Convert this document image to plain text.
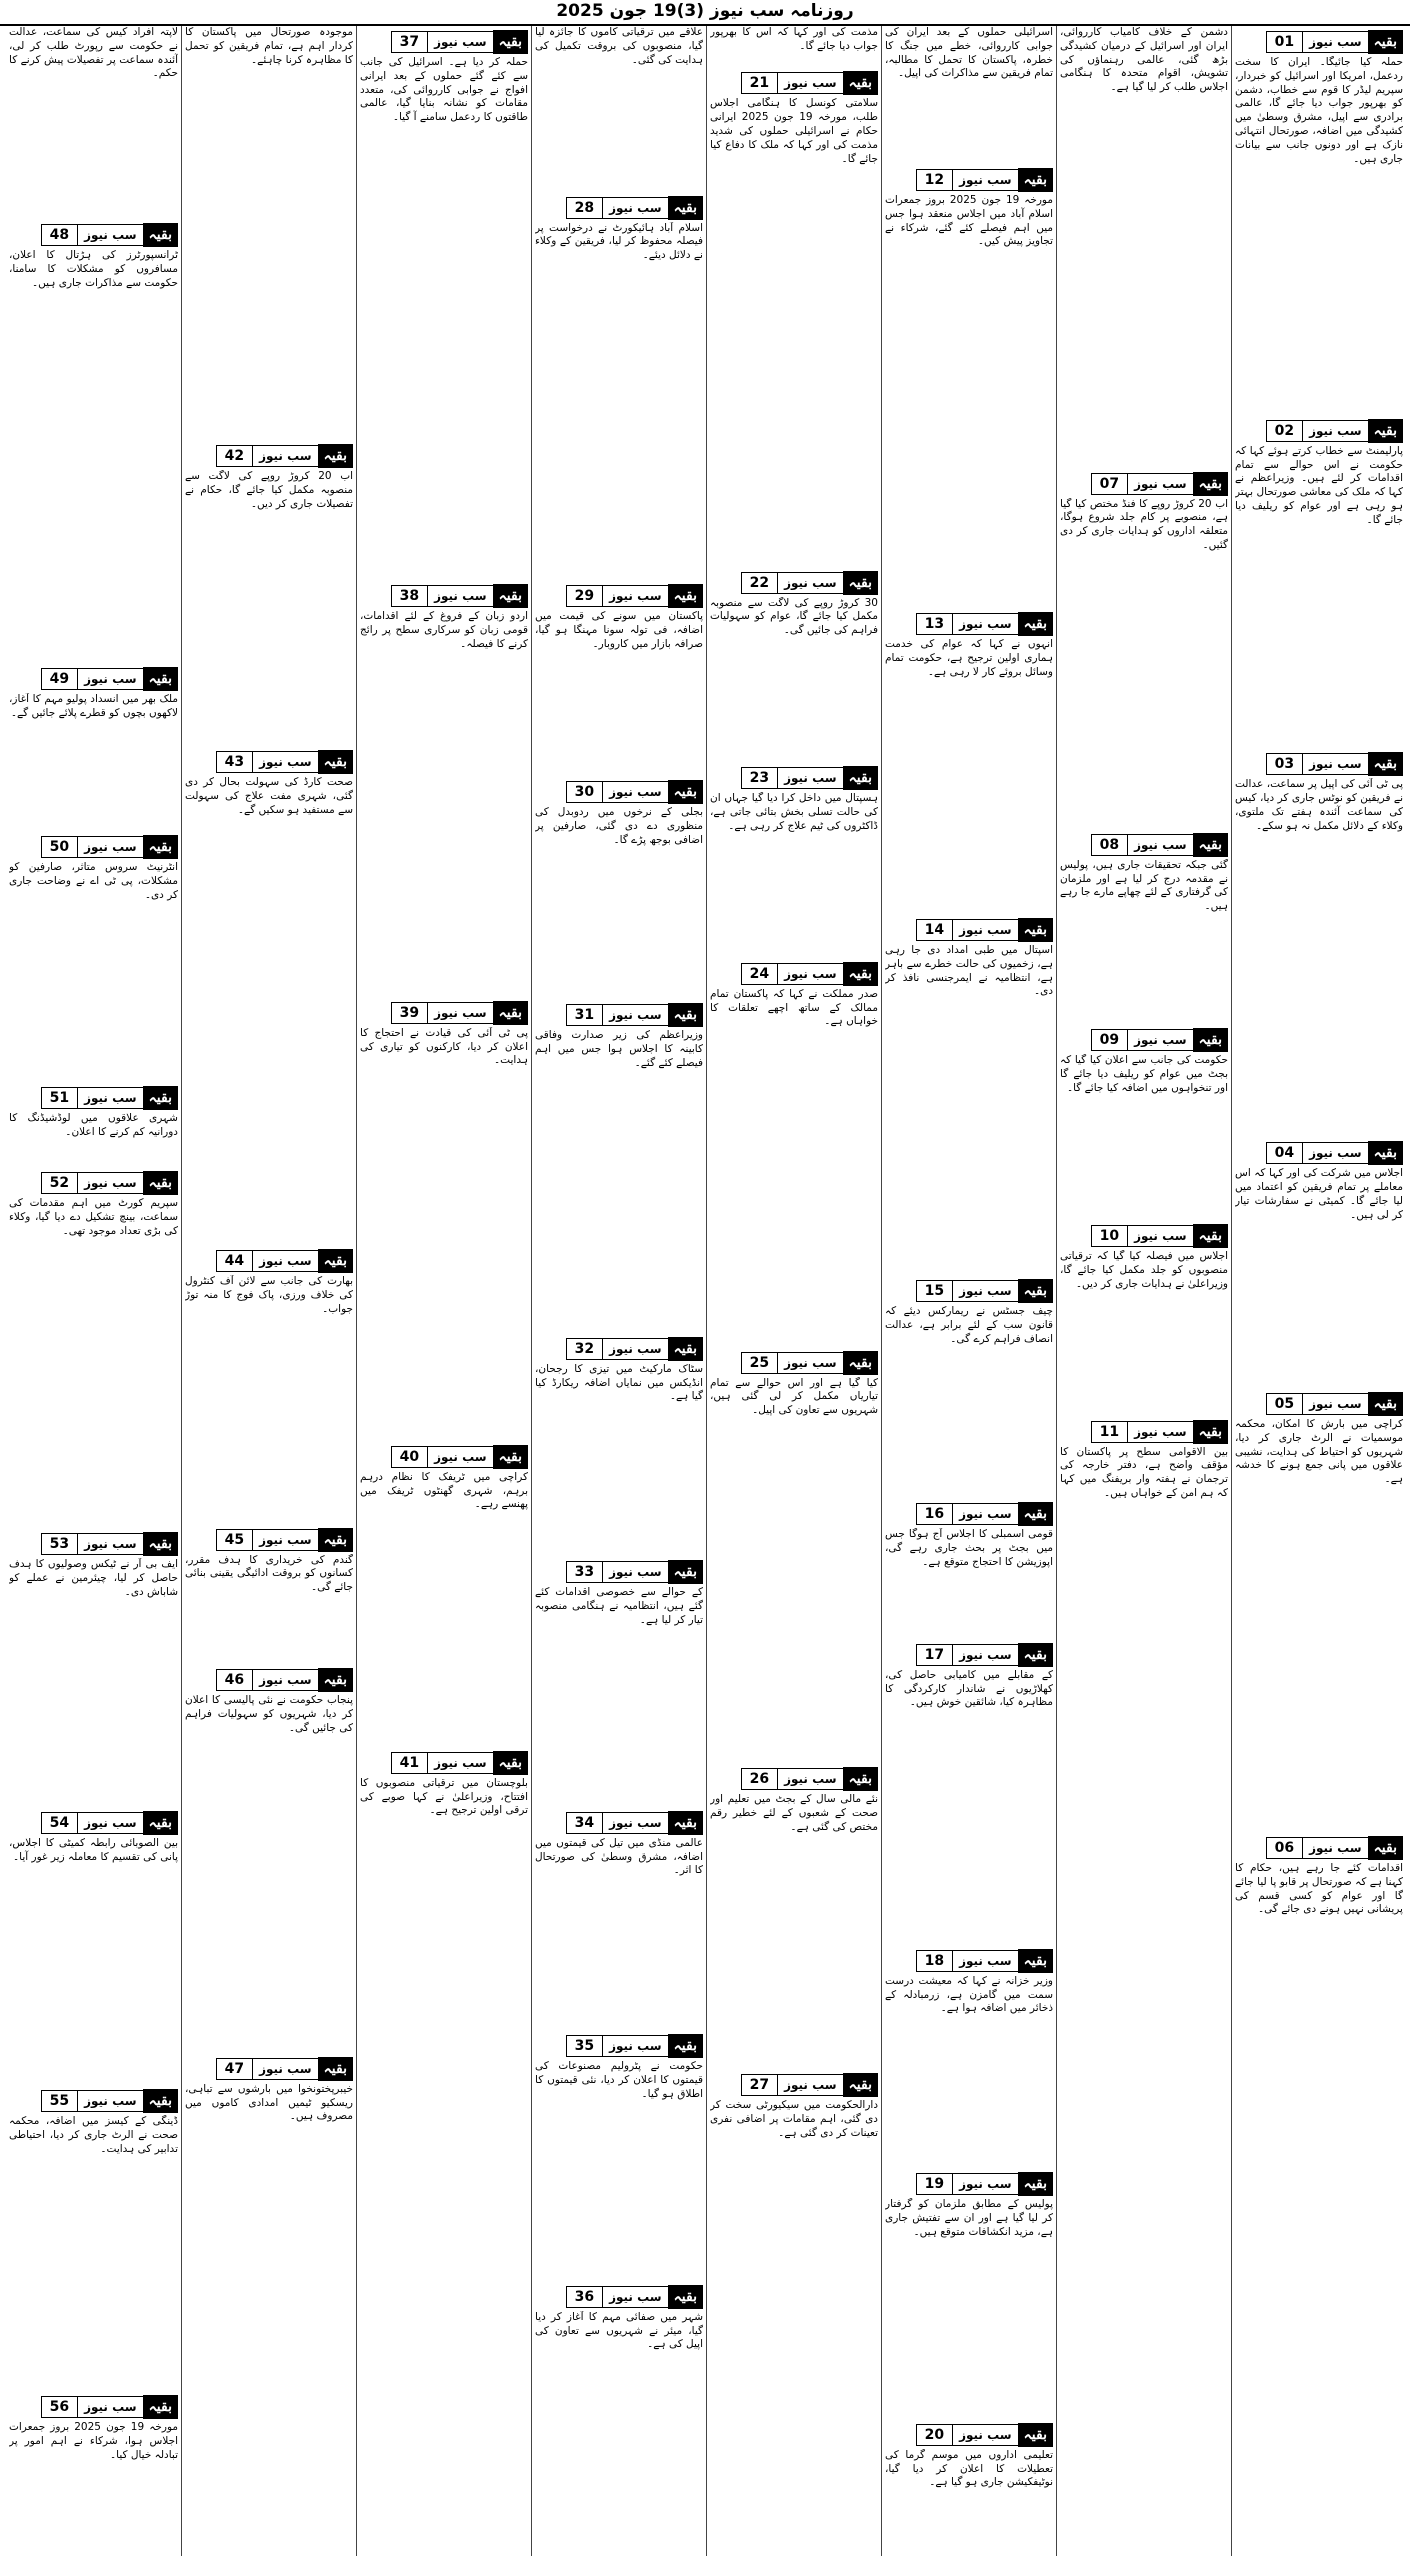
روزنامہ سب نیوز (3)19 جون 2025
بقیہ
سب نیوز
01

حملہ کیا جائیگا۔ ایران کا سخت ردعمل، امریکا اور اسرائیل کو خبردار، سپریم لیڈر کا قوم سے خطاب، دشمن کو بھرپور جواب دیا جائے گا، عالمی برادری سے اپیل، مشرق وسطیٰ میں کشیدگی میں اضافہ، صورتحال انتہائی نازک ہے اور دونوں جانب سے بیانات جاری ہیں۔

بقیہ
سب نیوز
02

پارلیمنٹ سے خطاب کرتے ہوئے کہا کہ حکومت نے اس حوالے سے تمام اقدامات کر لئے ہیں۔ وزیراعظم نے کہا کہ ملک کی معاشی صورتحال بہتر ہو رہی ہے اور عوام کو ریلیف دیا جائے گا۔

بقیہ
سب نیوز
03

پی ٹی آئی کی اپیل پر سماعت، عدالت نے فریقین کو نوٹس جاری کر دیا، کیس کی سماعت آئندہ ہفتے تک ملتوی، وکلاء کے دلائل مکمل نہ ہو سکے۔

بقیہ
سب نیوز
04

اجلاس میں شرکت کی اور کہا کہ اس معاملے پر تمام فریقین کو اعتماد میں لیا جائے گا۔ کمیٹی نے سفارشات تیار کر لی ہیں۔

بقیہ
سب نیوز
05

کراچی میں بارش کا امکان، محکمہ موسمیات نے الرٹ جاری کر دیا، شہریوں کو احتیاط کی ہدایت، نشیبی علاقوں میں پانی جمع ہونے کا خدشہ ہے۔

بقیہ
سب نیوز
06

اقدامات کئے جا رہے ہیں، حکام کا کہنا ہے کہ صورتحال پر قابو پا لیا جائے گا اور عوام کو کسی قسم کی پریشانی نہیں ہونے دی جائے گی۔

دشمن کے خلاف کامیاب کارروائی، ایران اور اسرائیل کے درمیان کشیدگی بڑھ گئی، عالمی رہنماؤں کی تشویش، اقوام متحدہ کا ہنگامی اجلاس طلب کر لیا گیا ہے۔

بقیہ
سب نیوز
07

اب 20 کروڑ روپے کا فنڈ مختص کیا گیا ہے، منصوبے پر کام جلد شروع ہوگا، متعلقہ اداروں کو ہدایات جاری کر دی گئیں۔

بقیہ
سب نیوز
08

گئی جبکہ تحقیقات جاری ہیں، پولیس نے مقدمہ درج کر لیا ہے اور ملزمان کی گرفتاری کے لئے چھاپے مارے جا رہے ہیں۔

بقیہ
سب نیوز
09

حکومت کی جانب سے اعلان کیا گیا کہ بجٹ میں عوام کو ریلیف دیا جائے گا اور تنخواہوں میں اضافہ کیا جائے گا۔

بقیہ
سب نیوز
10

اجلاس میں فیصلہ کیا گیا کہ ترقیاتی منصوبوں کو جلد مکمل کیا جائے گا، وزیراعلیٰ نے ہدایات جاری کر دیں۔

بقیہ
سب نیوز
11

بین الاقوامی سطح پر پاکستان کا مؤقف واضح ہے، دفتر خارجہ کی ترجمان نے ہفتہ وار بریفنگ میں کہا کہ ہم امن کے خواہاں ہیں۔

اسرائیلی حملوں کے بعد ایران کی جوابی کارروائی، خطے میں جنگ کا خطرہ، پاکستان کا تحمل کا مطالبہ، تمام فریقین سے مذاکرات کی اپیل۔

بقیہ
سب نیوز
12

مورخہ 19 جون 2025 بروز جمعرات اسلام آباد میں اجلاس منعقد ہوا جس میں اہم فیصلے کئے گئے، شرکاء نے تجاویز پیش کیں۔

بقیہ
سب نیوز
13

انہوں نے کہا کہ عوام کی خدمت ہماری اولین ترجیح ہے، حکومت تمام وسائل بروئے کار لا رہی ہے۔

بقیہ
سب نیوز
14

اسپتال میں طبی امداد دی جا رہی ہے، زخمیوں کی حالت خطرے سے باہر ہے، انتظامیہ نے ایمرجنسی نافذ کر دی۔

بقیہ
سب نیوز
15

چیف جسٹس نے ریمارکس دیئے کہ قانون سب کے لئے برابر ہے، عدالت انصاف فراہم کرے گی۔

بقیہ
سب نیوز
16

قومی اسمبلی کا اجلاس آج ہوگا جس میں بجٹ پر بحث جاری رہے گی، اپوزیشن کا احتجاج متوقع ہے۔

بقیہ
سب نیوز
17

کے مقابلے میں کامیابی حاصل کی، کھلاڑیوں نے شاندار کارکردگی کا مظاہرہ کیا، شائقین خوش ہیں۔

بقیہ
سب نیوز
18

وزیر خزانہ نے کہا کہ معیشت درست سمت میں گامزن ہے، زرمبادلہ کے ذخائر میں اضافہ ہوا ہے۔

بقیہ
سب نیوز
19

پولیس کے مطابق ملزمان کو گرفتار کر لیا گیا ہے اور ان سے تفتیش جاری ہے، مزید انکشافات متوقع ہیں۔

بقیہ
سب نیوز
20

تعلیمی اداروں میں موسم گرما کی تعطیلات کا اعلان کر دیا گیا، نوٹیفکیشن جاری ہو گیا ہے۔

مذمت کی اور کہا کہ اس کا بھرپور جواب دیا جائے گا۔

بقیہ
سب نیوز
21

سلامتی کونسل کا ہنگامی اجلاس طلب، مورخہ 19 جون 2025 ایرانی حکام نے اسرائیلی حملوں کی شدید مذمت کی اور کہا کہ ملک کا دفاع کیا جائے گا۔

بقیہ
سب نیوز
22

30 کروڑ روپے کی لاگت سے منصوبہ مکمل کیا جائے گا، عوام کو سہولیات فراہم کی جائیں گی۔

بقیہ
سب نیوز
23

ہسپتال میں داخل کرا دیا گیا جہاں ان کی حالت تسلی بخش بتائی جاتی ہے، ڈاکٹروں کی ٹیم علاج کر رہی ہے۔

بقیہ
سب نیوز
24

صدر مملکت نے کہا کہ پاکستان تمام ممالک کے ساتھ اچھے تعلقات کا خواہاں ہے۔

بقیہ
سب نیوز
25

کیا گیا ہے اور اس حوالے سے تمام تیاریاں مکمل کر لی گئی ہیں، شہریوں سے تعاون کی اپیل۔

بقیہ
سب نیوز
26

نئے مالی سال کے بجٹ میں تعلیم اور صحت کے شعبوں کے لئے خطیر رقم مختص کی گئی ہے۔

بقیہ
سب نیوز
27

دارالحکومت میں سیکیورٹی سخت کر دی گئی، اہم مقامات پر اضافی نفری تعینات کر دی گئی ہے۔

علاقے میں ترقیاتی کاموں کا جائزہ لیا گیا، منصوبوں کی بروقت تکمیل کی ہدایت کی گئی۔

بقیہ
سب نیوز
28

اسلام آباد ہائیکورٹ نے درخواست پر فیصلہ محفوظ کر لیا، فریقین کے وکلاء نے دلائل دیئے۔

بقیہ
سب نیوز
29

پاکستان میں سونے کی قیمت میں اضافہ، فی تولہ سونا مہنگا ہو گیا، صرافہ بازار میں کاروبار۔

بقیہ
سب نیوز
30

بجلی کے نرخوں میں ردوبدل کی منظوری دے دی گئی، صارفین پر اضافی بوجھ پڑے گا۔

بقیہ
سب نیوز
31

وزیراعظم کی زیر صدارت وفاقی کابینہ کا اجلاس ہوا جس میں اہم فیصلے کئے گئے۔

بقیہ
سب نیوز
32

سٹاک مارکیٹ میں تیزی کا رجحان، انڈیکس میں نمایاں اضافہ ریکارڈ کیا گیا ہے۔

بقیہ
سب نیوز
33

کے حوالے سے خصوصی اقدامات کئے گئے ہیں، انتظامیہ نے ہنگامی منصوبہ تیار کر لیا ہے۔

بقیہ
سب نیوز
34

عالمی منڈی میں تیل کی قیمتوں میں اضافہ، مشرق وسطیٰ کی صورتحال کا اثر۔

بقیہ
سب نیوز
35

حکومت نے پٹرولیم مصنوعات کی قیمتوں کا اعلان کر دیا، نئی قیمتوں کا اطلاق ہو گیا۔

بقیہ
سب نیوز
36

شہر میں صفائی مہم کا آغاز کر دیا گیا، میئر نے شہریوں سے تعاون کی اپیل کی ہے۔

بقیہ
سب نیوز
37

حملہ کر دیا ہے۔ اسرائیل کی جانب سے کئے گئے حملوں کے بعد ایرانی افواج نے جوابی کارروائی کی، متعدد مقامات کو نشانہ بنایا گیا، عالمی طاقتوں کا ردعمل سامنے آ گیا۔

بقیہ
سب نیوز
38

اردو زبان کے فروغ کے لئے اقدامات، قومی زبان کو سرکاری سطح پر رائج کرنے کا فیصلہ۔

بقیہ
سب نیوز
39

پی ٹی آئی کی قیادت نے احتجاج کا اعلان کر دیا، کارکنوں کو تیاری کی ہدایت۔

بقیہ
سب نیوز
40

کراچی میں ٹریفک کا نظام درہم برہم، شہری گھنٹوں ٹریفک میں پھنسے رہے۔

بقیہ
سب نیوز
41

بلوچستان میں ترقیاتی منصوبوں کا افتتاح، وزیراعلیٰ نے کہا صوبے کی ترقی اولین ترجیح ہے۔

موجودہ صورتحال میں پاکستان کا کردار اہم ہے، تمام فریقین کو تحمل کا مظاہرہ کرنا چاہئے۔

بقیہ
سب نیوز
42

اب 20 کروڑ روپے کی لاگت سے منصوبہ مکمل کیا جائے گا، حکام نے تفصیلات جاری کر دیں۔

بقیہ
سب نیوز
43

صحت کارڈ کی سہولت بحال کر دی گئی، شہری مفت علاج کی سہولت سے مستفید ہو سکیں گے۔

بقیہ
سب نیوز
44

بھارت کی جانب سے لائن آف کنٹرول کی خلاف ورزی، پاک فوج کا منہ توڑ جواب۔

بقیہ
سب نیوز
45

گندم کی خریداری کا ہدف مقرر، کسانوں کو بروقت ادائیگی یقینی بنائی جائے گی۔

بقیہ
سب نیوز
46

پنجاب حکومت نے نئی پالیسی کا اعلان کر دیا، شہریوں کو سہولیات فراہم کی جائیں گی۔

بقیہ
سب نیوز
47

خیبرپختونخوا میں بارشوں سے تباہی، ریسکیو ٹیمیں امدادی کاموں میں مصروف ہیں۔

لاپتہ افراد کیس کی سماعت، عدالت نے حکومت سے رپورٹ طلب کر لی، آئندہ سماعت پر تفصیلات پیش کرنے کا حکم۔

بقیہ
سب نیوز
48

ٹرانسپورٹرز کی ہڑتال کا اعلان، مسافروں کو مشکلات کا سامنا، حکومت سے مذاکرات جاری ہیں۔

بقیہ
سب نیوز
49

ملک بھر میں انسداد پولیو مہم کا آغاز، لاکھوں بچوں کو قطرے پلائے جائیں گے۔

بقیہ
سب نیوز
50

انٹرنیٹ سروس متاثر، صارفین کو مشکلات، پی ٹی اے نے وضاحت جاری کر دی۔

بقیہ
سب نیوز
51

شہری علاقوں میں لوڈشیڈنگ کا دورانیہ کم کرنے کا اعلان۔

بقیہ
سب نیوز
52

سپریم کورٹ میں اہم مقدمات کی سماعت، بینچ تشکیل دے دیا گیا، وکلاء کی بڑی تعداد موجود تھی۔

بقیہ
سب نیوز
53

ایف بی آر نے ٹیکس وصولیوں کا ہدف حاصل کر لیا، چیئرمین نے عملے کو شاباش دی۔

بقیہ
سب نیوز
54

بین الصوبائی رابطہ کمیٹی کا اجلاس، پانی کی تقسیم کا معاملہ زیر غور آیا۔

بقیہ
سب نیوز
55

ڈینگی کے کیسز میں اضافہ، محکمہ صحت نے الرٹ جاری کر دیا، احتیاطی تدابیر کی ہدایت۔

بقیہ
سب نیوز
56

مورخہ 19 جون 2025 بروز جمعرات اجلاس ہوا، شرکاء نے اہم امور پر تبادلہ خیال کیا۔
